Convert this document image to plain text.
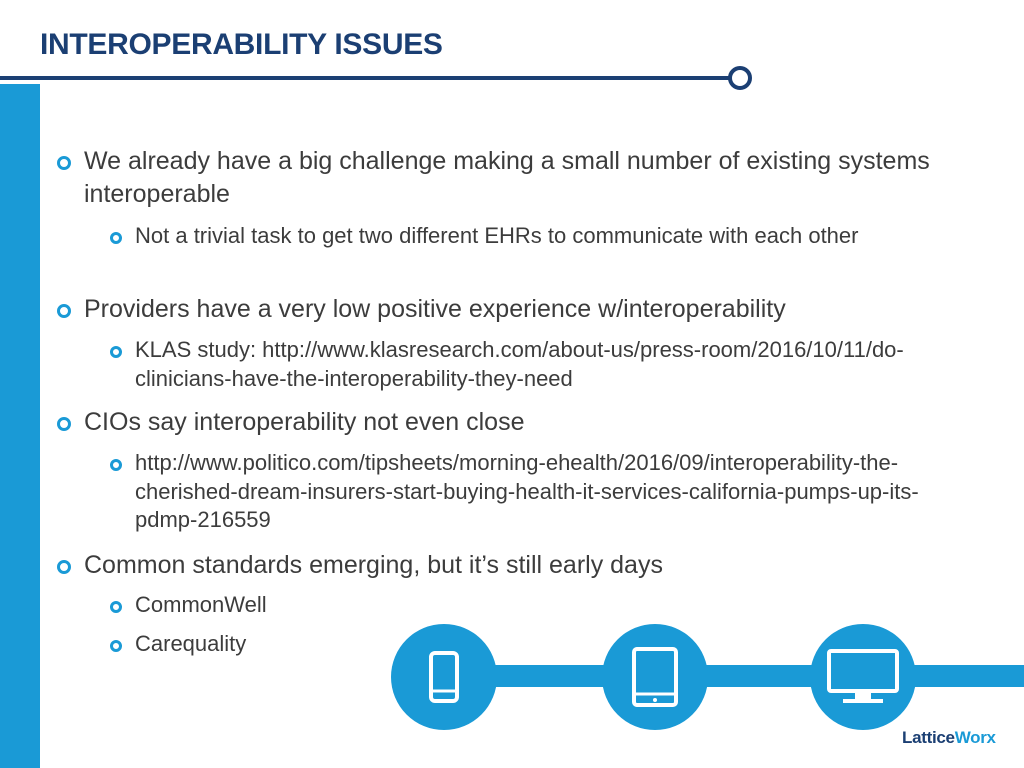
INTEROPERABILITY ISSUES
We already have a big challenge making a small number of existing systems interoperable
Not a trivial task to get two different EHRs to communicate with each other
Providers have a very low positive experience w/interoperability
KLAS study: http://www.klasresearch.com/about-us/press-room/2016/10/11/do-clinicians-have-the-interoperability-they-need
CIOs say interoperability not even close
http://www.politico.com/tipsheets/morning-ehealth/2016/09/interoperability-the-cherished-dream-insurers-start-buying-health-it-services-california-pumps-up-its-pdmp-216559
Common standards emerging, but it’s still early days
CommonWell
Carequality
LatticeWorx
